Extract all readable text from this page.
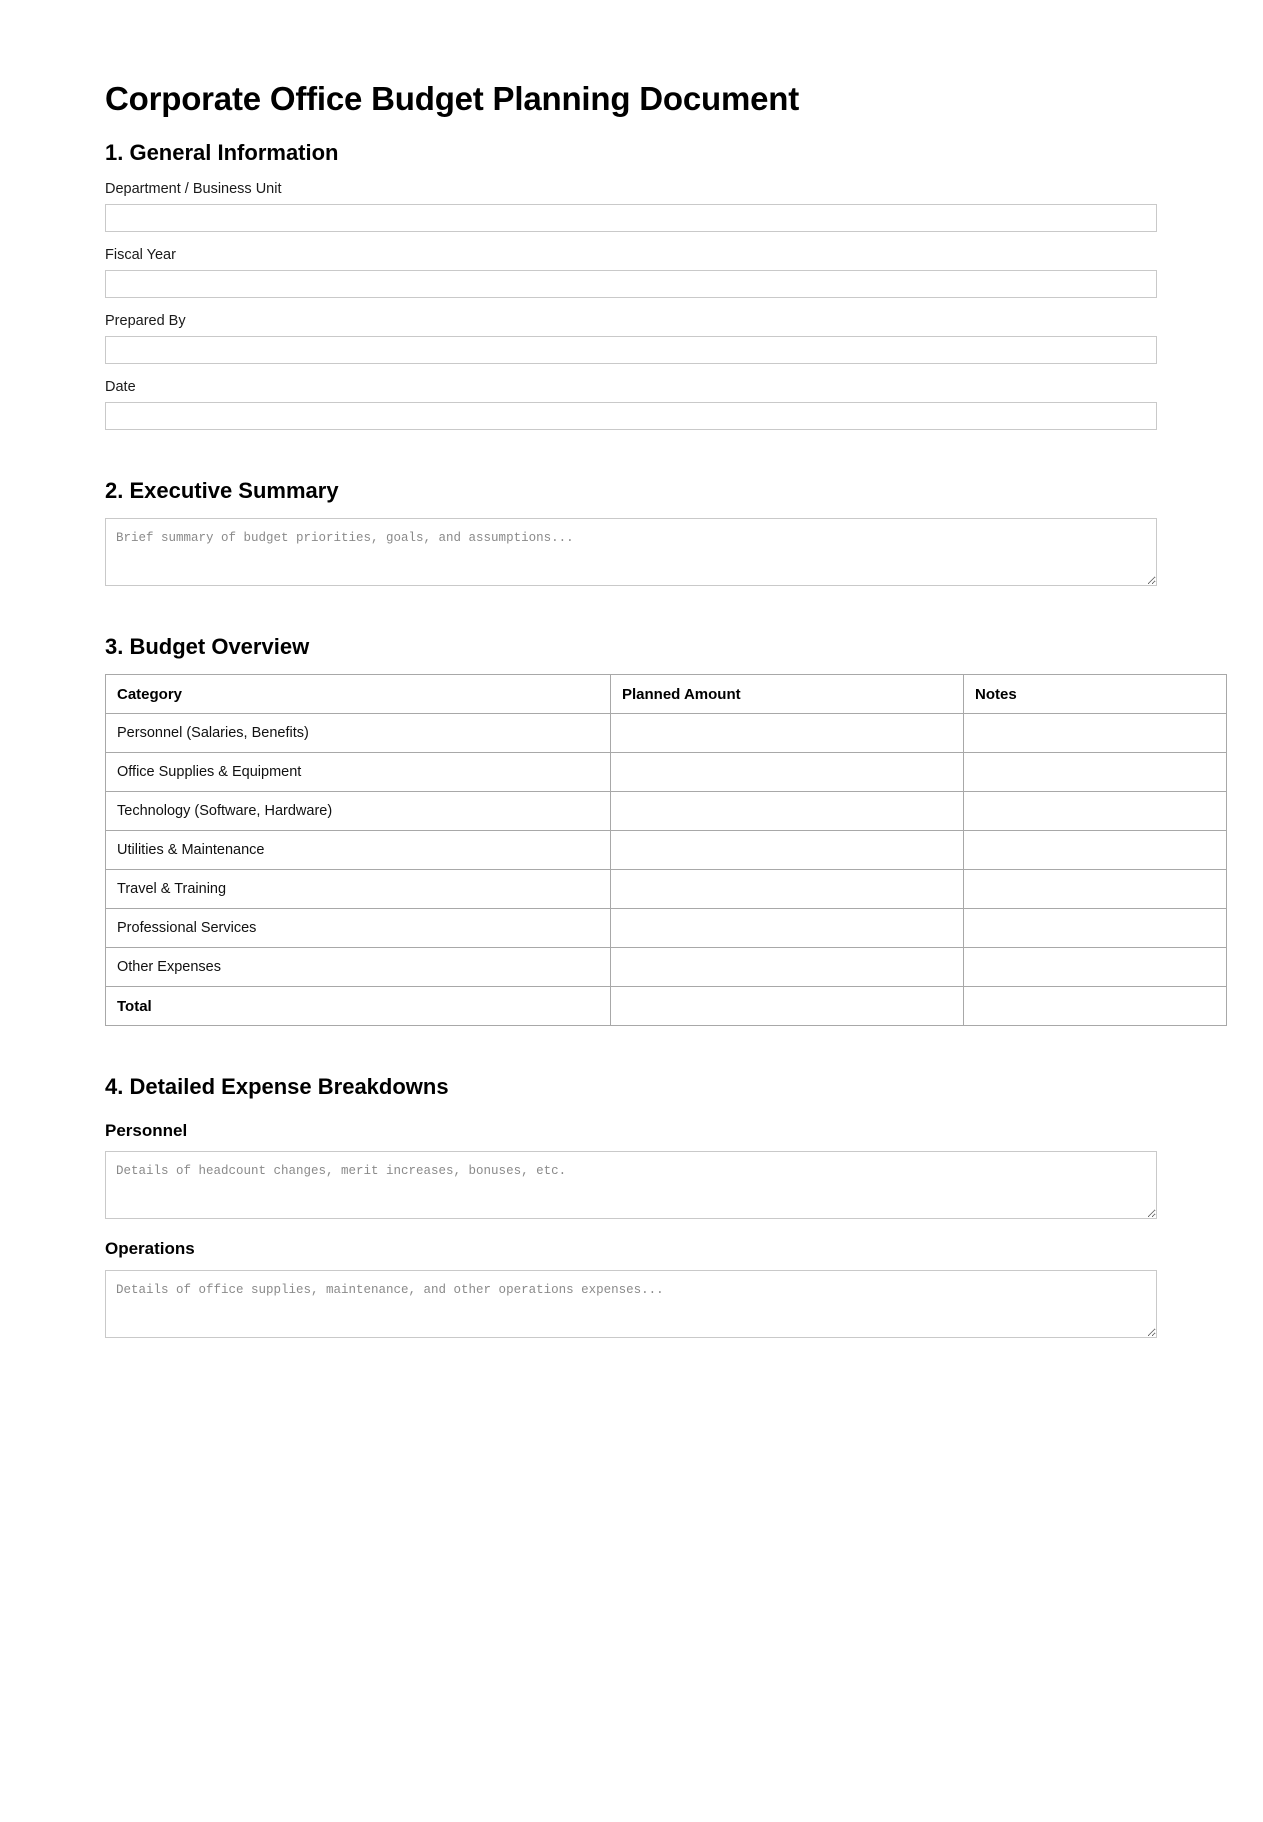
Corporate Office Budget Planning Document
1. General Information
Department / Business Unit
Fiscal Year
Prepared By
Date
2. Executive Summary
Brief summary of budget priorities, goals, and assumptions...
3. Budget Overview
Category	Planned Amount	Notes
Personnel (Salaries, Benefits)		
Office Supplies & Equipment		
Technology (Software, Hardware)		
Utilities & Maintenance		
Travel & Training		
Professional Services		
Other Expenses		
Total		
4. Detailed Expense Breakdowns
Personnel
Details of headcount changes, merit increases, bonuses, etc.
Operations
Details of office supplies, maintenance, and other operations expenses...
